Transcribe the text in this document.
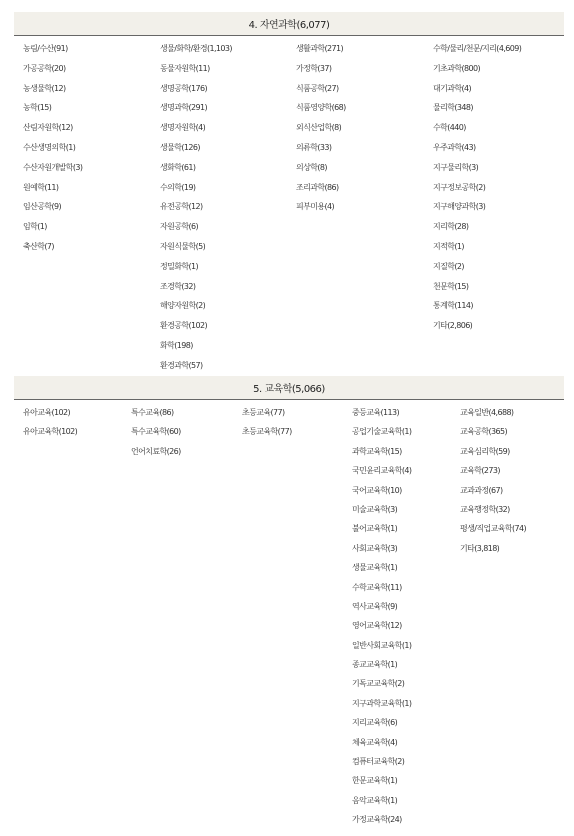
4. 자연과학(6,077)
농림/수산(91)
가공공학(20)
농생물학(12)
농학(15)
산림자원학(12)
수산생명의학(1)
수산자원개발학(3)
원예학(11)
임산공학(9)
임학(1)
축산학(7)
생물/화학/환경(1,103)
동물자원학(11)
생명공학(176)
생명과학(291)
생명자원학(4)
생물학(126)
생화학(61)
수의학(19)
유전공학(12)
자원공학(6)
자원식물학(5)
정밀화학(1)
조경학(32)
해양자원학(2)
환경공학(102)
화학(198)
환경과학(57)
생활과학(271)
가정학(37)
식품공학(27)
식품영양학(68)
외식산업학(8)
의류학(33)
의상학(8)
조리과학(86)
피부미용(4)
수학/물리/천문/지리(4,609)
기초과학(800)
대기과학(4)
물리학(348)
수학(440)
우주과학(43)
지구물리학(3)
지구정보공학(2)
지구해양과학(3)
지리학(28)
지적학(1)
지질학(2)
천문학(15)
통계학(114)
기타(2,806)
5. 교육학(5,066)
유아교육(102)
유아교육학(102)
특수교육(86)
특수교육학(60)
언어치료학(26)
초등교육(77)
초등교육학(77)
중등교육(113)
공업기술교육학(1)
과학교육학(15)
국민윤리교육학(4)
국어교육학(10)
미술교육학(3)
불어교육학(1)
사회교육학(3)
생물교육학(1)
수학교육학(11)
역사교육학(9)
영어교육학(12)
일반사회교육학(1)
종교교육학(1)
기독교교육학(2)
지구과학교육학(1)
지리교육학(6)
체육교육학(4)
컴퓨터교육학(2)
한문교육학(1)
음악교육학(1)
가정교육학(24)
교육일반(4,688)
교육공학(365)
교육심리학(59)
교육학(273)
교과과정(67)
교육행정학(32)
평생/직업교육학(74)
기타(3,818)
